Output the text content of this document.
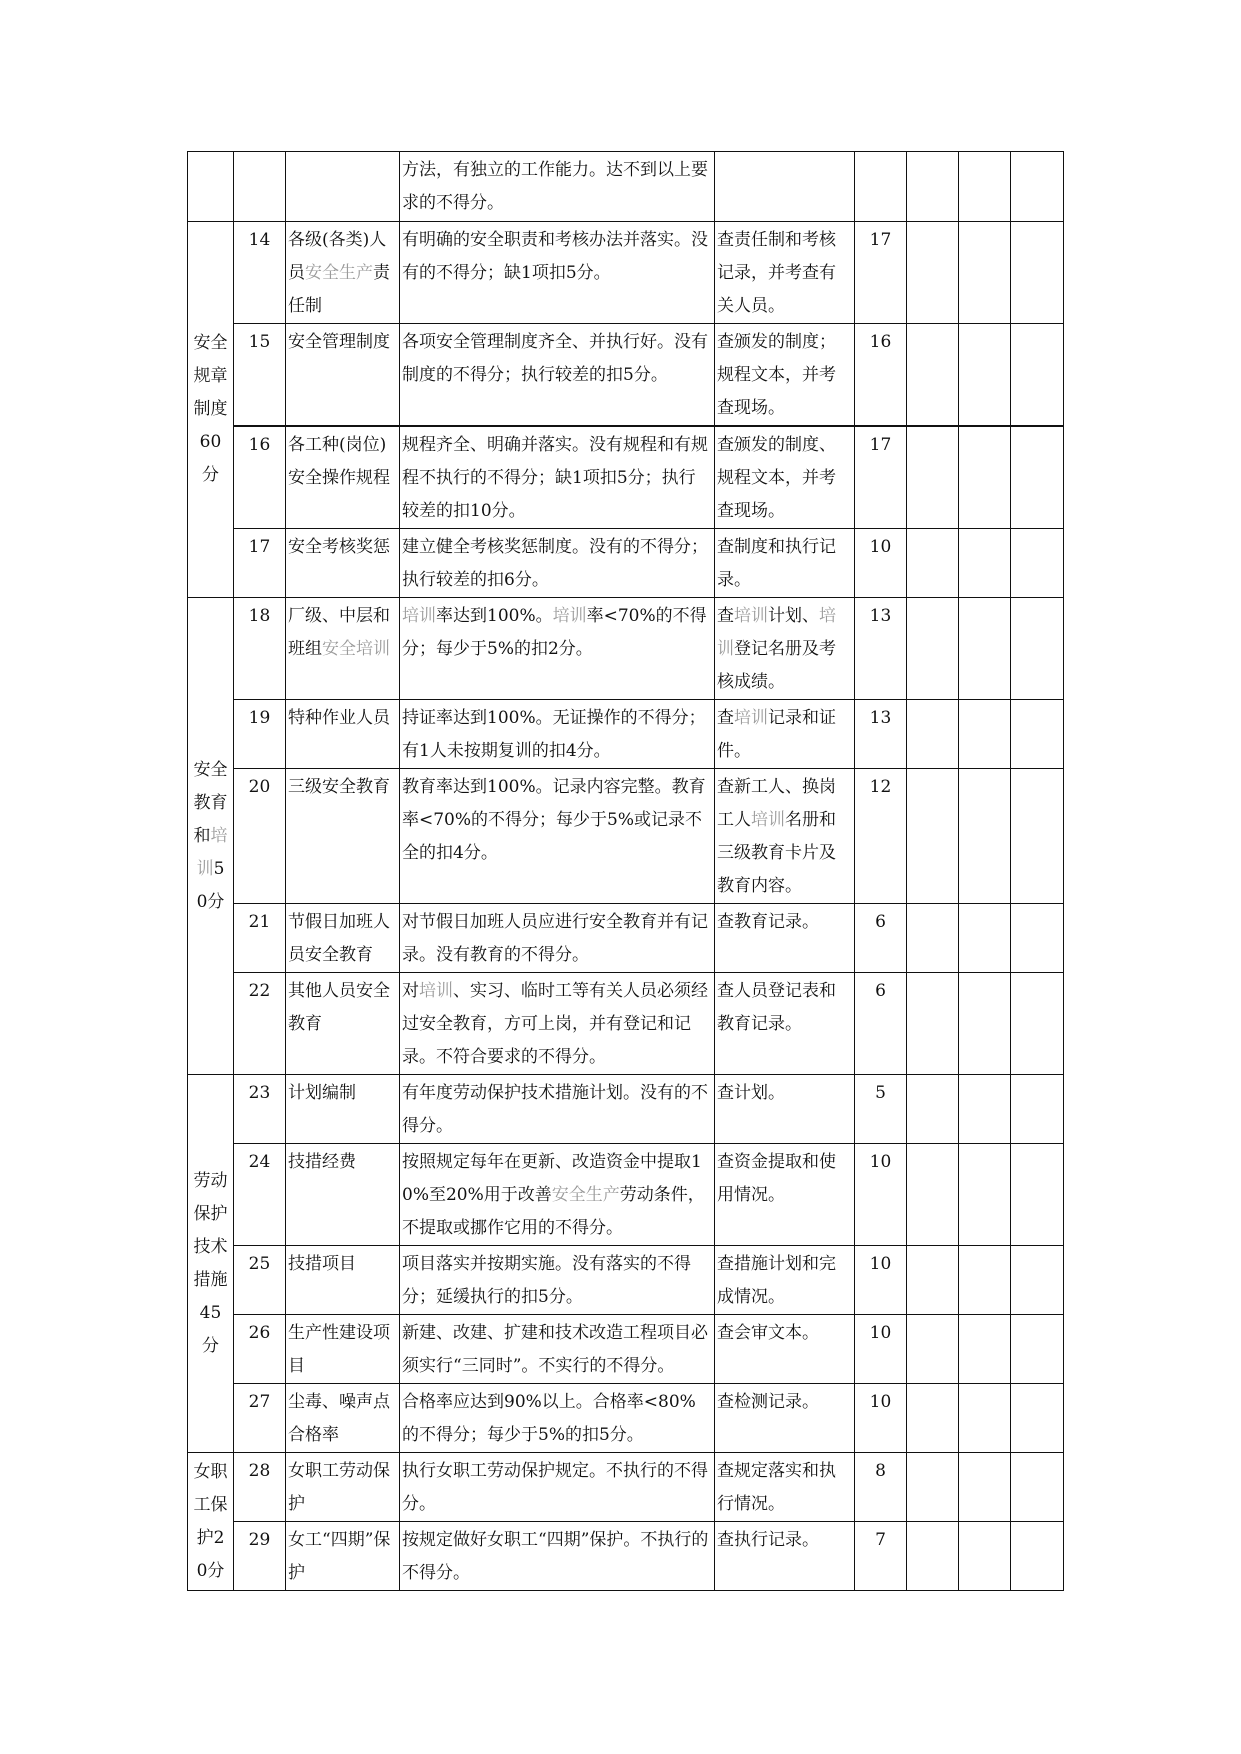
			方法，有独立的工作能力。达不到以上要求的不得分。					
安全规章制度60分	14	各级(各类)人员安全生产责任制	有明确的安全职责和考核办法并落实。没有的不得分；缺1项扣5分。	查责任制和考核记录，并考查有关人员。	17			
	15	安全管理制度	各项安全管理制度齐全、并执行好。没有制度的不得分；执行较差的扣5分。	查颁发的制度；规程文本，并考查现场。	16			
	16	各工种(岗位)安全操作规程	规程齐全、明确并落实。没有规程和有规程不执行的不得分；缺1项扣5分；执行较差的扣10分。	查颁发的制度、规程文本，并考查现场。	17			
	17	安全考核奖惩	建立健全考核奖惩制度。没有的不得分；执行较差的扣6分。	查制度和执行记录。	10			
安全教育和培训50分	18	厂级、中层和班组安全培训	培训率达到100%。培训率<70%的不得分；每少于5%的扣2分。	查培训计划、培训登记名册及考核成绩。	13			
	19	特种作业人员	持证率达到100%。无证操作的不得分；有1人未按期复训的扣4分。	查培训记录和证件。	13			
	20	三级安全教育	教育率达到100%。记录内容完整。教育率<70%的不得分；每少于5%或记录不全的扣4分。	查新工人、换岗工人培训名册和三级教育卡片及教育内容。	12			
	21	节假日加班人员安全教育	对节假日加班人员应进行安全教育并有记录。没有教育的不得分。	查教育记录。	6			
	22	其他人员安全教育	对培训、实习、临时工等有关人员必须经过安全教育，方可上岗，并有登记和记录。不符合要求的不得分。	查人员登记表和教育记录。	6			
劳动保护技术措施45分	23	计划编制	有年度劳动保护技术措施计划。没有的不得分。	查计划。	5			
	24	技措经费	按照规定每年在更新、改造资金中提取10%至20%用于改善安全生产劳动条件，不提取或挪作它用的不得分。	查资金提取和使用情况。	10			
	25	技措项目	项目落实并按期实施。没有落实的不得分；延缓执行的扣5分。	查措施计划和完成情况。	10			
	26	生产性建设项目	新建、改建、扩建和技术改造工程项目必须实行“三同时”。不实行的不得分。	查会审文本。	10			
	27	尘毒、噪声点合格率	合格率应达到90%以上。合格率<80%的不得分；每少于5%的扣5分。	查检测记录。	10			
女职工保护20分	28	女职工劳动保护	执行女职工劳动保护规定。不执行的不得分。	查规定落实和执行情况。	8			
	29	女工“四期”保护	按规定做好女职工“四期”保护。不执行的不得分。	查执行记录。	7			
